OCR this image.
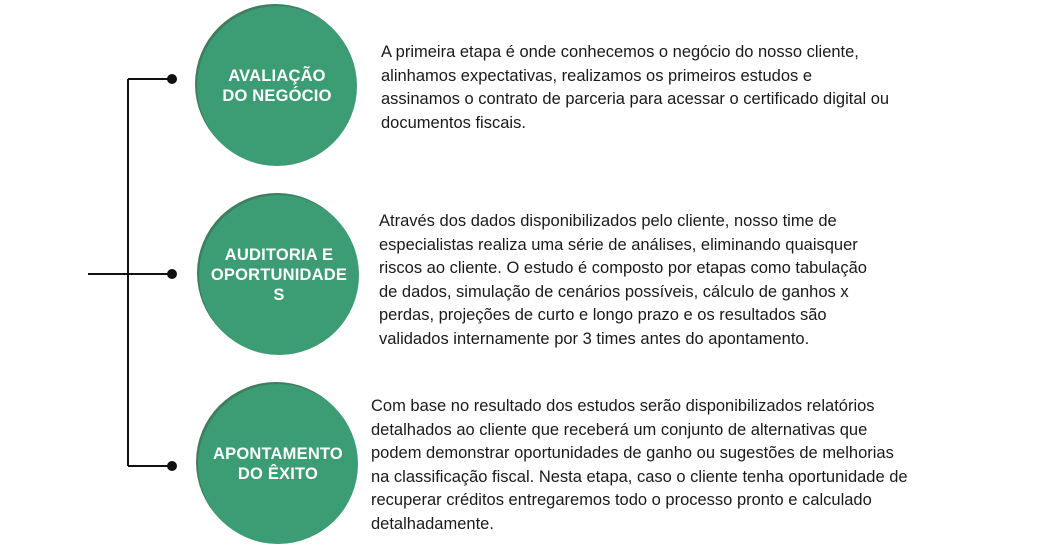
AVALIAÇÃO
DO NEGÓCIO
A primeira etapa é onde conhecemos o negócio do nosso cliente,
alinhamos expectativas, realizamos os primeiros estudos e
assinamos o contrato de parceria para acessar o certificado digital ou
documentos fiscais.
AUDITORIA E
OPORTUNIDADE
S
Através dos dados disponibilizados pelo cliente, nosso time de
especialistas realiza uma série de análises, eliminando quaisquer
riscos ao cliente. O estudo é composto por etapas como tabulação
de dados, simulação de cenários possíveis, cálculo de ganhos x
perdas, projeções de curto e longo prazo e os resultados são
validados internamente por 3 times antes do apontamento.
APONTAMENTO
DO ÊXITO
Com base no resultado dos estudos serão disponibilizados relatórios
detalhados ao cliente que receberá um conjunto de alternativas que
podem demonstrar oportunidades de ganho ou sugestões de melhorias
na classificação fiscal. Nesta etapa, caso o cliente tenha oportunidade de
recuperar créditos entregaremos todo o processo pronto e calculado
detalhadamente.
